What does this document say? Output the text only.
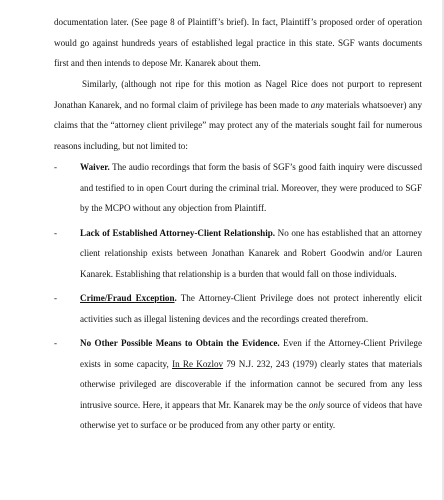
documentation later. (See page 8 of Plaintiff’s brief). In fact, Plaintiff’s proposed order of operation would go against hundreds years of established legal practice in this state. SGF wants documents first and then intends to depose Mr. Kanarek about them.

Similarly, (although not ripe for this motion as Nagel Rice does not purport to represent Jonathan Kanarek, and no formal claim of privilege has been made to any materials whatsoever) any claims that the “attorney client privilege” may protect any of the materials sought fail for numerous reasons including, but not limited to:

-	Waiver. The audio recordings that form the basis of SGF’s good faith inquiry were discussed and testified to in open Court during the criminal trial. Moreover, they were produced to SGF by the MCPO without any objection from Plaintiff.
-	Lack of Established Attorney-Client Relationship. No one has established that an attorney client relationship exists between Jonathan Kanarek and Robert Goodwin and/or Lauren Kanarek. Establishing that relationship is a burden that would fall on those individuals.
-	Crime/Fraud Exception. The Attorney-Client Privilege does not protect inherently elicit activities such as illegal listening devices and the recordings created therefrom.
-	No Other Possible Means to Obtain the Evidence. Even if the Attorney-Client Privilege exists in some capacity, In Re Kozlov 79 N.J. 232, 243 (1979) clearly states that materials otherwise privileged are discoverable if the information cannot be secured from any less intrusive source. Here, it appears that Mr. Kanarek may be the only source of videos that have otherwise yet to surface or be produced from any other party or entity.
